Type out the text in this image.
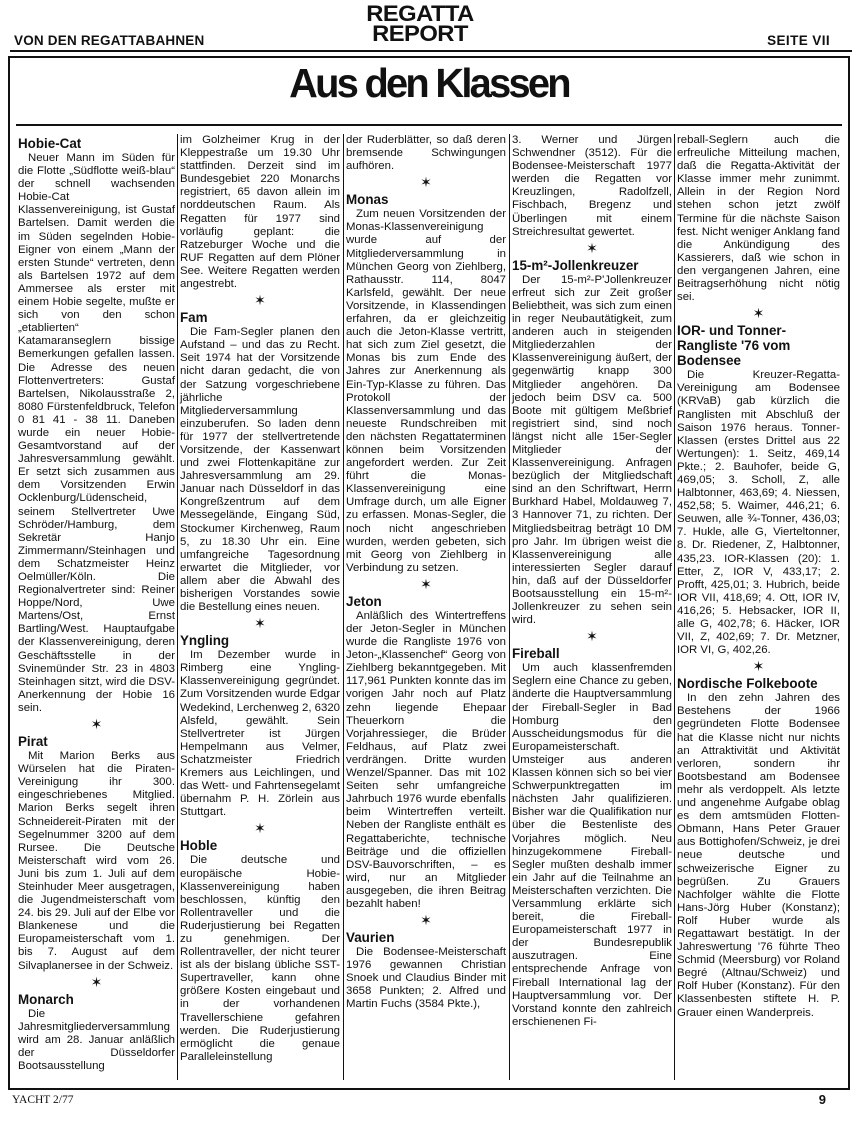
VON DEN REGATTABAHNEN
REGATTA
REPORT	SEITE VII
Aus den Klassen
Hobie-Cat

Neuer Mann im Süden für die Flotte „Südflotte weiß-blau“ der schnell wachsenden Hobie-Cat Klassenvereinigung, ist Gustaf Bartelsen. Damit werden die im Süden segelnden Hobie-Eigner von einem „Mann der ersten Stunde“ vertreten, denn als Bartelsen 1972 auf dem Ammersee als erster mit einem Hobie segelte, mußte er sich von den schon „etablierten“ Katamaranseglern bissige Bemerkungen gefallen lassen. Die Adresse des neuen Flottenvertreters: Gustaf Bartelsen, Nikolausstraße 2, 8080 Fürstenfeldbruck, Telefon 0 81 41 - 38 11. Daneben wurde ein neuer Hobie-Gesamtvorstand auf der Jahresversammlung gewählt. Er setzt sich zusammen aus dem Vorsitzenden Erwin Ocklenburg/Lüdenscheid, seinem Stellvertreter Uwe Schröder/Hamburg, dem Sekretär Hanjo Zimmermann/Steinhagen und dem Schatzmeister Heinz Oelmüller/Köln. Die Regionalvertreter sind: Reiner Hoppe/Nord, Uwe Martens/Ost, Ernst Bartling/West. Hauptaufgabe der Klassenvereinigung, deren Geschäftsstelle in der Svinemünder Str. 23 in 4803 Steinhagen sitzt, wird die DSV-Anerkennung der Hobie 16 sein.

✶
Pirat

Mit Marion Berks aus Würselen hat die Piraten-Vereinigung ihr 300. eingeschriebenes Mitglied. Marion Berks segelt ihren Schneidereit-Piraten mit der Segelnummer 3200 auf dem Rursee. Die Deutsche Meisterschaft wird vom 26. Juni bis zum 1. Juli auf dem Steinhuder Meer ausgetragen, die Jugendmeisterschaft vom 24. bis 29. Juli auf der Elbe vor Blankenese und die Europameisterschaft vom 1. bis 7. August auf dem Silvaplanersee in der Schweiz.

✶
Monarch

Die Jahresmitgliederversammlung wird am 28. Januar anläßlich der Düsseldorfer Bootsausstellung

im Golzheimer Krug in der Kleppestraße um 19.30 Uhr stattfinden. Derzeit sind im Bundesgebiet 220 Monarchs registriert, 65 davon allein im norddeutschen Raum. Als Regatten für 1977 sind vorläufig geplant: die Ratzeburger Woche und die RUF Regatten auf dem Plöner See. Weitere Regatten werden angestrebt.

✶
Fam

Die Fam-Segler planen den Aufstand – und das zu Recht. Seit 1974 hat der Vorsitzende nicht daran gedacht, die von der Satzung vorgeschriebene jährliche Mitgliederversammlung einzuberufen. So laden denn für 1977 der stellvertretende Vorsitzende, der Kassenwart und zwei Flottenkapitäne zur Jahresversammlung am 29. Januar nach Düsseldorf in das Kongreßzentrum auf dem Messegelände, Eingang Süd, Stockumer Kirchenweg, Raum 5, zu 18.30 Uhr ein. Eine umfangreiche Tagesordnung erwartet die Mitglieder, vor allem aber die Abwahl des bisherigen Vorstandes sowie die Bestellung eines neuen.

✶
Yngling

Im Dezember wurde in Rimberg eine Yngling-Klassenvereinigung gegründet. Zum Vorsitzenden wurde Edgar Wedekind, Lerchenweg 2, 6320 Alsfeld, gewählt. Sein Stellvertreter ist Jürgen Hempelmann aus Velmer, Schatzmeister Friedrich Kremers aus Leichlingen, und das Wett- und Fahrtensegelamt übernahm P. H. Zörlein aus Stuttgart.

✶
Hoble

Die deutsche und europäische Hobie-Klassenvereinigung haben beschlossen, künftig den Rollentraveller und die Ruderjustierung bei Regatten zu genehmigen. Der Rollentraveller, der nicht teurer ist als der bislang übliche SST-Supertraveller, kann ohne größere Kosten eingebaut und in der vorhandenen Travellerschiene gefahren werden. Die Ruderjustierung ermöglicht die genaue Paralleleinstellung

der Ruderblätter, so daß deren bremsende Schwingungen aufhören.

✶
Monas

Zum neuen Vorsitzenden der Monas-Klassenvereinigung wurde auf der Mitgliederversammlung in München Georg von Ziehlberg, Rathausstr. 114, 8047 Karlsfeld, gewählt. Der neue Vorsitzende, in Klassendingen erfahren, da er gleichzeitig auch die Jeton-Klasse vertritt, hat sich zum Ziel gesetzt, die Monas bis zum Ende des Jahres zur Anerkennung als Ein-Typ-Klasse zu führen. Das Protokoll der Klassenversammlung und das neueste Rundschreiben mit den nächsten Regattaterminen können beim Vorsitzenden angefordert werden. Zur Zeit führt die Monas-Klassenvereinigung eine Umfrage durch, um alle Eigner zu erfassen. Monas-Segler, die noch nicht angeschrieben wurden, werden gebeten, sich mit Georg von Ziehlberg in Verbindung zu setzen.

✶
Jeton

Anläßlich des Wintertreffens der Jeton-Segler in München wurde die Rangliste 1976 von Jeton-„Klassenchef“ Georg von Ziehlberg bekanntgegeben. Mit 117,961 Punkten konnte das im vorigen Jahr noch auf Platz zehn liegende Ehepaar Theuerkorn die Vorjahressieger, die Brüder Feldhaus, auf Platz zwei verdrängen. Dritte wurden Wenzel/Spanner. Das mit 102 Seiten sehr umfangreiche Jahrbuch 1976 wurde ebenfalls beim Wintertreffen verteilt. Neben der Rangliste enthält es Regattaberichte, technische Beiträge und die offiziellen DSV-Bauvorschriften, – es wird, nur an Mitglieder ausgegeben, die ihren Beitrag bezahlt haben!

✶
Vaurien

Die Bodensee-Meisterschaft 1976 gewannen Christian Snoek und Claudius Binder mit 3658 Punkten; 2. Alfred und Martin Fuchs (3584 Pkte.),

3. Werner und Jürgen Schwendner (3512). Für die Bodensee-Meisterschaft 1977 werden die Regatten vor Kreuzlingen, Radolfzell, Fischbach, Bregenz und Überlingen mit einem Streichresultat gewertet.

✶
15-m²-Jollenkreuzer

Der 15-m²-P'Jollenkreuzer erfreut sich zur Zeit großer Beliebtheit, was sich zum einen in reger Neubautätigkeit, zum anderen auch in steigenden Mitgliederzahlen der Klassenvereinigung äußert, der gegenwärtig knapp 300 Mitglieder angehören. Da jedoch beim DSV ca. 500 Boote mit gültigem Meßbrief registriert sind, sind noch längst nicht alle 15er-Segler Mitglieder der Klassenvereinigung. Anfragen bezüglich der Mitgliedschaft sind an den Schriftwart, Herrn Burkhard Habel, Moldauweg 7, 3 Hannover 71, zu richten. Der Mitgliedsbeitrag beträgt 10 DM pro Jahr. Im übrigen weist die Klassenvereinigung alle interessierten Segler darauf hin, daß auf der Düsseldorfer Bootsausstellung ein 15-m²-Jollenkreuzer zu sehen sein wird.

✶
Fireball

Um auch klassenfremden Seglern eine Chance zu geben, änderte die Hauptversammlung der Fireball-Segler in Bad Homburg den Ausscheidungsmodus für die Europameisterschaft. Umsteiger aus anderen Klassen können sich so bei vier Schwerpunktregatten im nächsten Jahr qualifizieren. Bisher war die Qualifikation nur über die Bestenliste des Vorjahres möglich. Neu hinzugekommene Fireball-Segler mußten deshalb immer ein Jahr auf die Teilnahme an Meisterschaften verzichten. Die Versammlung erklärte sich bereit, die Fireball-Europameisterschaft 1977 in der Bundesrepublik auszutragen. Eine entsprechende Anfrage von Fireball International lag der Hauptversammlung vor. Der Vorstand konnte den zahlreich erschienenen Fi-

reball-Seglern auch die erfreuliche Mitteilung machen, daß die Regatta-Aktivität der Klasse immer mehr zunimmt. Allein in der Region Nord stehen schon jetzt zwölf Termine für die nächste Saison fest. Nicht weniger Anklang fand die Ankündigung des Kassierers, daß wie schon in den vergangenen Jahren, eine Beitragserhöhung nicht nötig sei.

✶
IOR- und Tonner-Rangliste '76 vom Bodensee

Die Kreuzer-Regatta-Vereinigung am Bodensee (KRVaB) gab kürzlich die Ranglisten mit Abschluß der Saison 1976 heraus. Tonner-Klassen (erstes Drittel aus 22 Wertungen): 1. Seitz, 469,14 Pkte.; 2. Bauhofer, beide G, 469,05; 3. Scholl, Z, alle Halbtonner, 463,69; 4. Niessen, 452,58; 5. Waimer, 446,21; 6. Seuwen, alle ¾-Tonner, 436,03; 7. Hukle, alle G, Vierteltonner, 8. Dr. Riedener, Z, Halbtonner, 435,23. IOR-Klassen (20): 1. Etter, Z, IOR V, 433,17; 2. Profft, 425,01; 3. Hubrich, beide IOR VII, 418,69; 4. Ott, IOR IV, 416,26; 5. Hebsacker, IOR II, alle G, 402,78; 6. Häcker, IOR VII, Z, 402,69; 7. Dr. Metzner, IOR VI, G, 402,26.

✶
Nordische Folkeboote

In den zehn Jahren des Bestehens der 1966 gegründeten Flotte Bodensee hat die Klasse nicht nur nichts an Attraktivität und Aktivität verloren, sondern ihr Bootsbestand am Bodensee mehr als verdoppelt. Als letzte und angenehme Aufgabe oblag es dem amtsmüden Flotten-Obmann, Hans Peter Grauer aus Bottighofen/Schweiz, je drei neue deutsche und schweizerische Eigner zu begrüßen. Zu Grauers Nachfolger wählte die Flotte Hans-Jörg Huber (Konstanz); Rolf Huber wurde als Regattawart bestätigt. In der Jahreswertung '76 führte Theo Schmid (Meersburg) vor Roland Begré (Altnau/Schweiz) und Rolf Huber (Konstanz). Für den Klassenbesten stiftete H. P. Grauer einen Wanderpreis.

YACHT 2/77	9
